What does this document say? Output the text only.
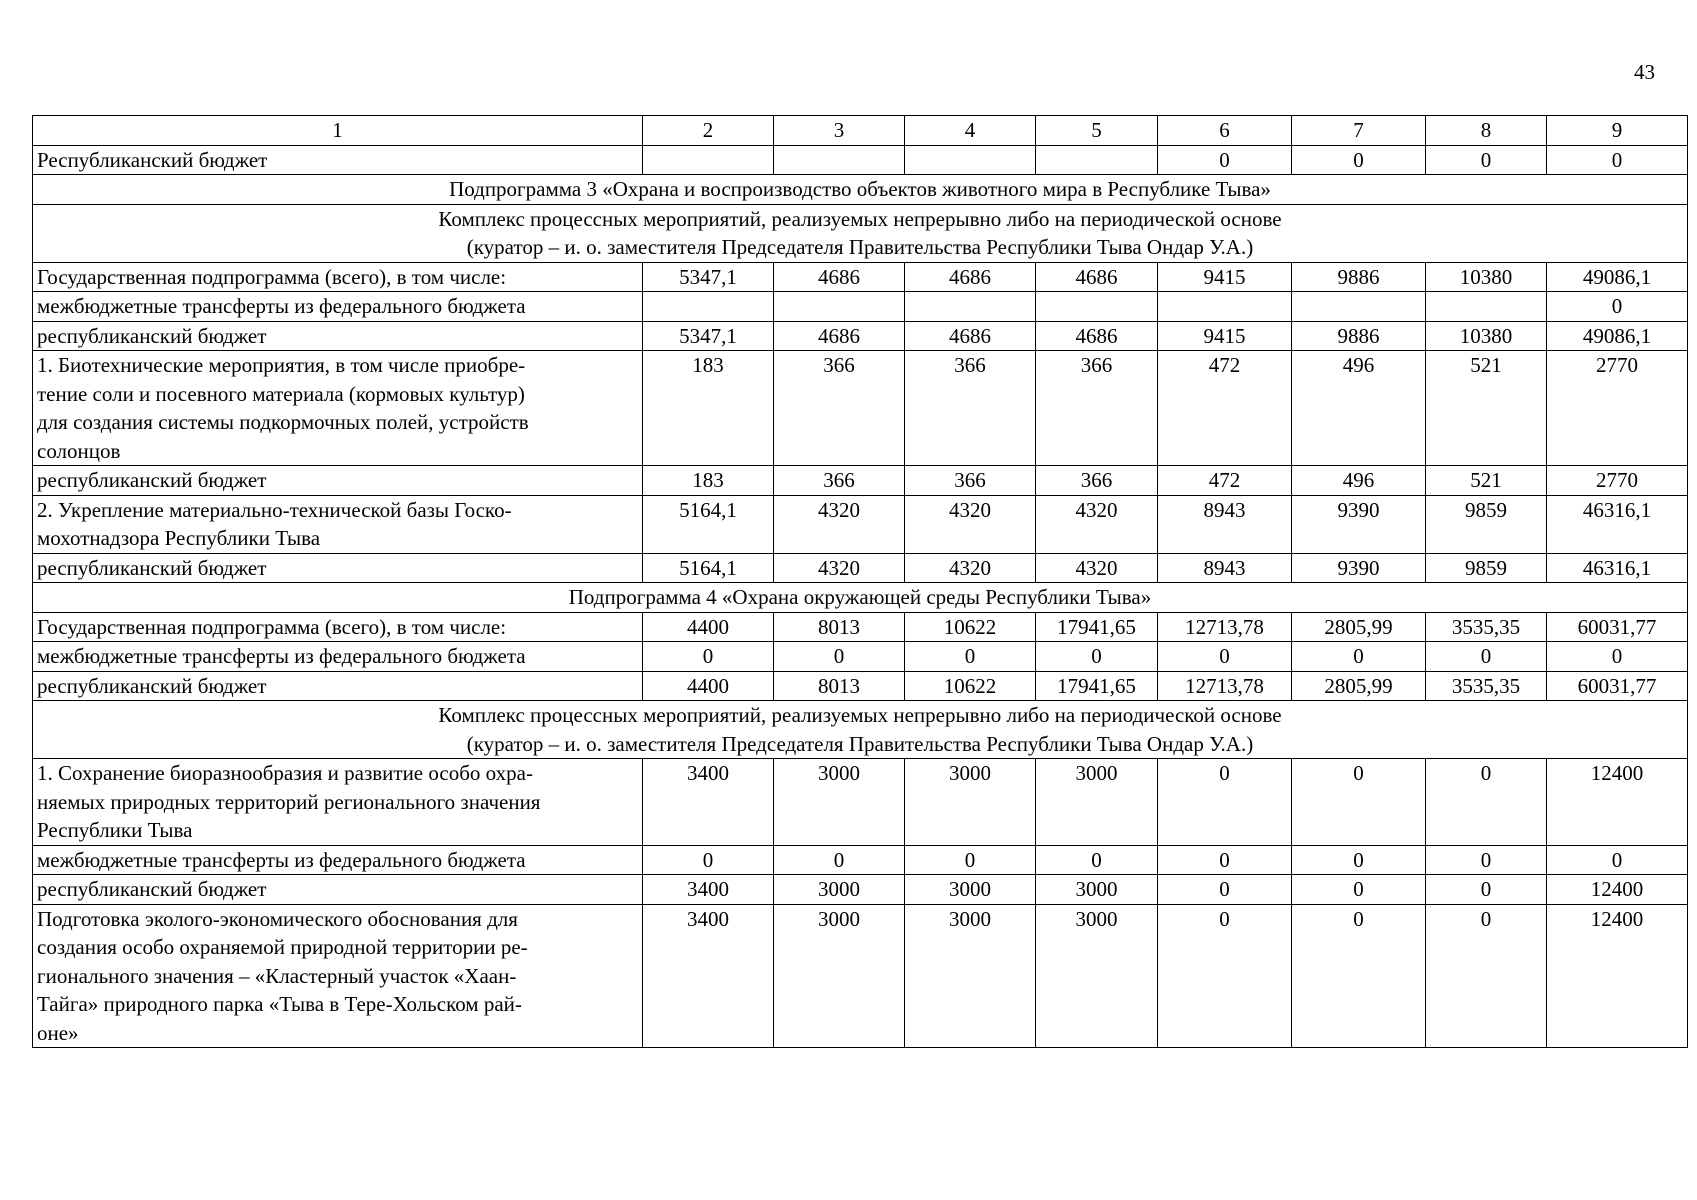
43
1	2	3	4	5	6	7	8	9
Республиканский бюджет					0	0	0	0

Подпрограмма 3 «Охрана и воспроизводство объектов животного мира в Республике Тыва»								

Комплекс процессных мероприятий, реализуемых непрерывно либо на периодической основе
(куратор – и. о. заместителя Председателя Правительства Республики Тыва Ондар У.А.)								

Государственная подпрограмма (всего), в том числе:	5347,1	4686	4686	4686	9415	9886	10380	49086,1
межбюджетные трансферты из федерального бюджета								0
республиканский бюджет	5347,1	4686	4686	4686	9415	9886	10380	49086,1

1. Биотехнические мероприятия, в том числе приобре-
тение соли и посевного материала (кормовых культур)
для создания системы подкормочных полей, устройств
солонцов	183	366	366	366	472	496	521	2770
республиканский бюджет	183	366	366	366	472	496	521	2770

2. Укрепление материально-технической базы Госко-
мохотнадзора Республики Тыва	5164,1	4320	4320	4320	8943	9390	9859	46316,1
республиканский бюджет	5164,1	4320	4320	4320	8943	9390	9859	46316,1

Подпрограмма 4 «Охрана окружающей среды Республики Тыва»								

Государственная подпрограмма (всего), в том числе:	4400	8013	10622	17941,65	12713,78	2805,99	3535,35	60031,77
межбюджетные трансферты из федерального бюджета	0	0	0	0	0	0	0	0
республиканский бюджет	4400	8013	10622	17941,65	12713,78	2805,99	3535,35	60031,77

Комплекс процессных мероприятий, реализуемых непрерывно либо на периодической основе
(куратор – и. о. заместителя Председателя Правительства Республики Тыва Ондар У.А.)								

1. Сохранение биоразнообразия и развитие особо охра-
няемых природных территорий регионального значения
Республики Тыва	3400	3000	3000	3000	0	0	0	12400
межбюджетные трансферты из федерального бюджета	0	0	0	0	0	0	0	0
республиканский бюджет	3400	3000	3000	3000	0	0	0	12400

Подготовка эколого-экономического обоснования для
создания особо охраняемой природной территории ре-
гионального значения – «Кластерный участок «Хаан-
Тайга» природного парка «Тыва в Тере-Хольском рай-
оне»	3400	3000	3000	3000	0	0	0	12400
